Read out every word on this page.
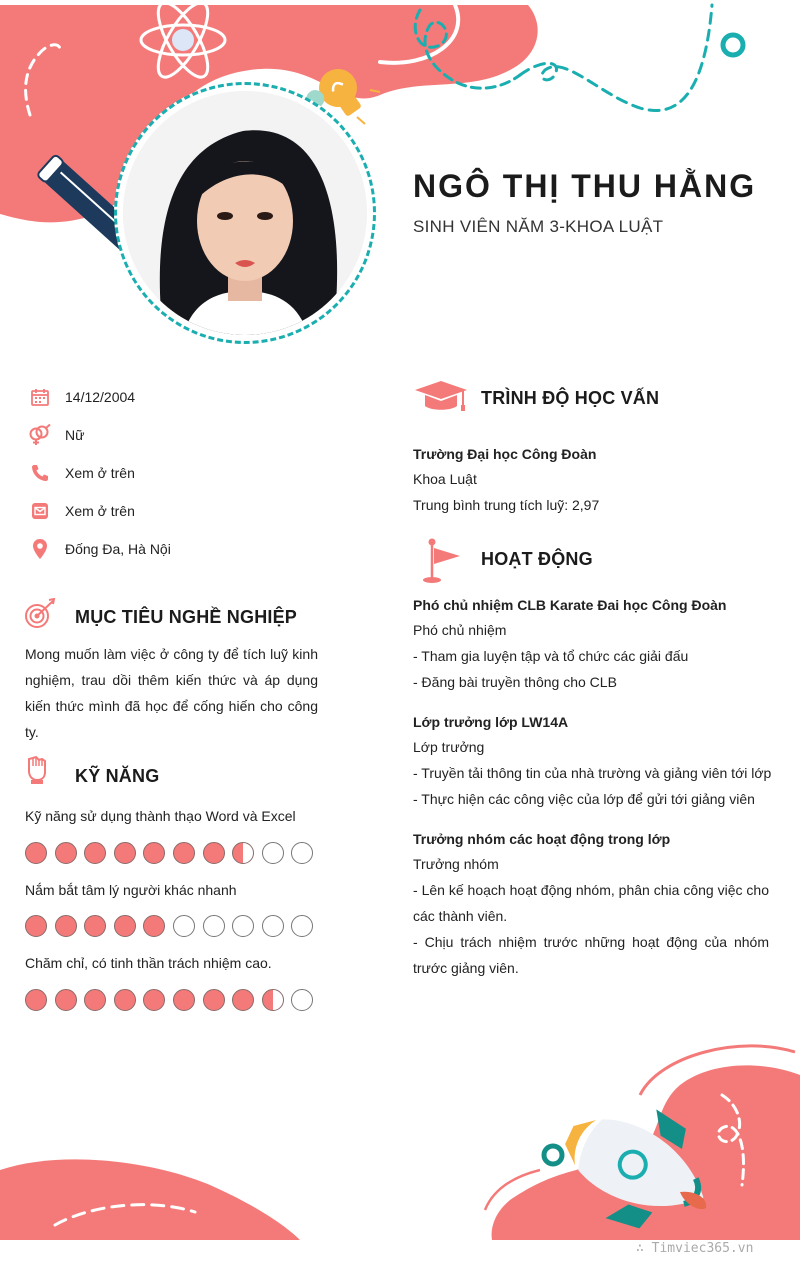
NGÔ THỊ THU HẰNG
SINH VIÊN NĂM 3-KHOA LUẬT
14/12/2004
Nữ
Xem ở trên
Xem ở trên
Đống Đa, Hà Nội
MỤC TIÊU NGHỀ NGHIỆP
Mong muốn làm việc ở công ty để tích luỹ kinh nghiệm, trau dồi thêm kiến thức và áp dụng kiến thức mình đã học để cống hiến cho công ty.
KỸ NĂNG
Kỹ năng sử dụng thành thạo Word và Excel
Nắm bắt tâm lý người khác nhanh
Chăm chỉ, có tinh thần trách nhiệm cao.
TRÌNH ĐỘ HỌC VẤN
Trường Đại học Công Đoàn
Khoa Luật
Trung bình trung tích luỹ: 2,97
HOẠT ĐỘNG
Phó chủ nhiệm CLB Karate Đai học Công Đoàn
Phó chủ nhiệm
- Tham gia luyện tập và tổ chức các giải đấu
- Đăng bài truyền thông cho CLB
Lớp trưởng lớp LW14A
Lớp trưởng
- Truyền tải thông tin của nhà trường và giảng viên tới lớp
- Thực hiện các công việc của lớp để gửi tới giảng viên
Trưởng nhóm các hoạt động trong lớp
Trưởng nhóm
- Lên kế hoạch hoạt động nhóm, phân chia công việc cho các thành viên.
- Chịu trách nhiệm trước những hoạt động của nhóm trước giảng viên.
∴ Timviec365.vn
